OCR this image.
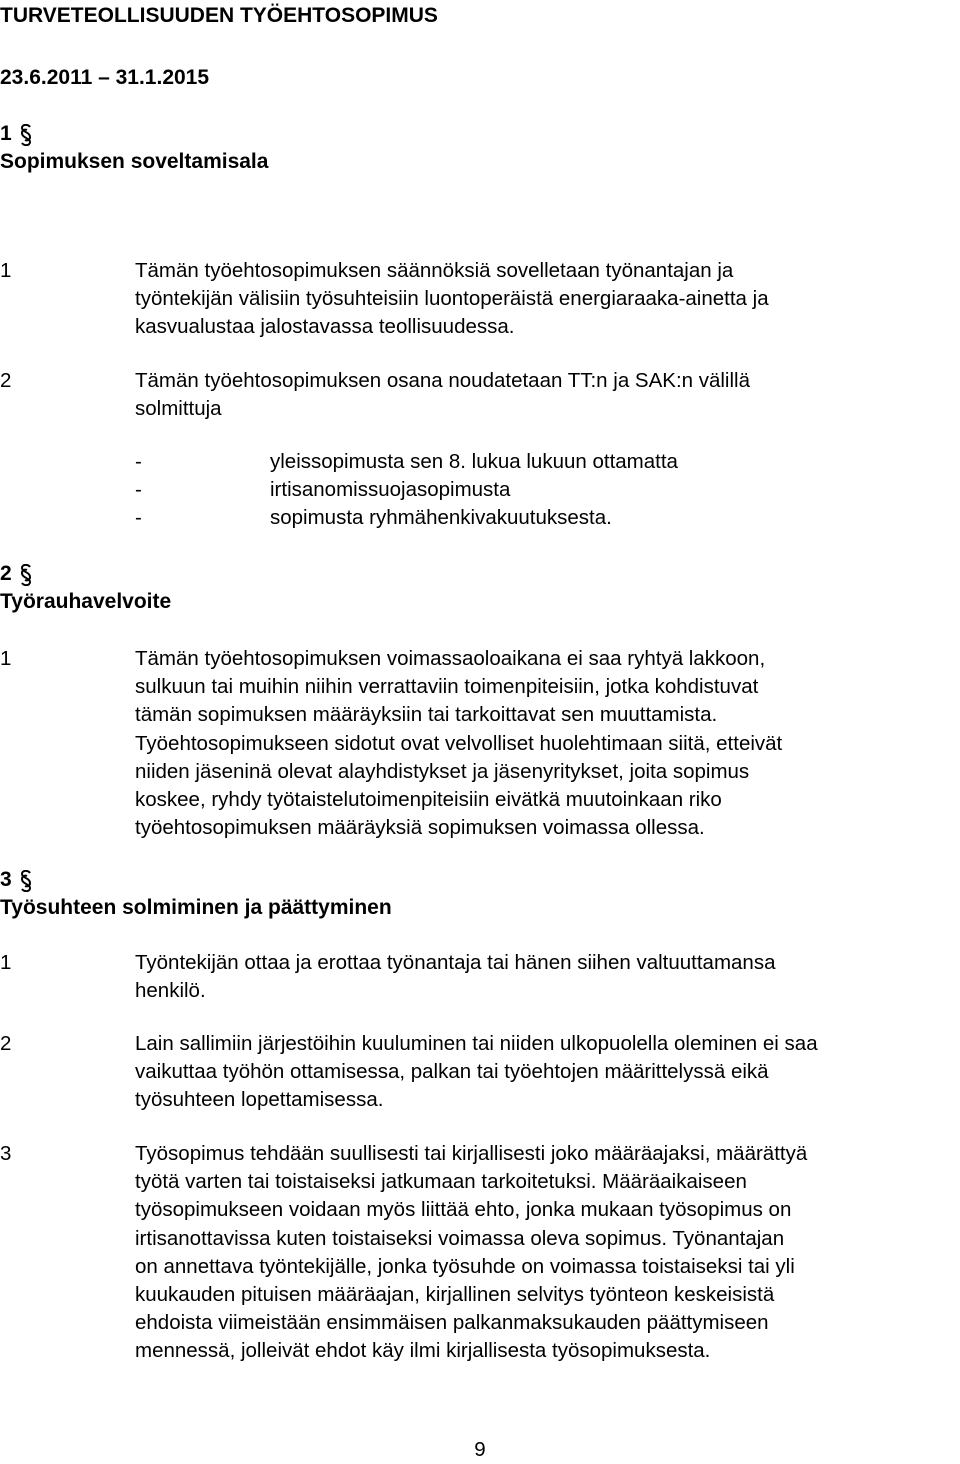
TURVETEOLLISUUDEN TYÖEHTOSOPIMUS
23.6.2011 – 31.1.2015
1
Sopimuksen soveltamisala
1	Tämän työehtosopimuksen säännöksiä sovelletaan työnantajan ja
työntekijän välisiin työsuhteisiin luontoperäistä energiaraaka-ainetta ja
kasvualustaa jalostavassa teollisuudessa.
2	Tämän työehtosopimuksen osana noudatetaan TT:n ja SAK:n välillä
solmittuja
-	yleissopimusta sen 8. lukua lukuun ottamatta
-	irtisanomissuojasopimusta
-	sopimusta ryhmähenkivakuutuksesta.
2
Työrauhavelvoite
1	Tämän työehtosopimuksen voimassaoloaikana ei saa ryhtyä lakkoon,
sulkuun tai muihin niihin verrattaviin toimenpiteisiin, jotka kohdistuvat
tämän sopimuksen määräyksiin tai tarkoittavat sen muuttamista.
Työehtosopimukseen sidotut ovat velvolliset huolehtimaan siitä, etteivät
niiden jäseninä olevat alayhdistykset ja jäsenyritykset, joita sopimus
koskee, ryhdy työtaistelutoimenpiteisiin eivätkä muutoinkaan riko
työehtosopimuksen määräyksiä sopimuksen voimassa ollessa.
3
Työsuhteen solmiminen ja päättyminen
1	Työntekijän ottaa ja erottaa työnantaja tai hänen siihen valtuuttamansa
henkilö.
2	Lain sallimiin järjestöihin kuuluminen tai niiden ulkopuolella oleminen ei saa
vaikuttaa työhön ottamisessa, palkan tai työehtojen määrittelyssä eikä
työsuhteen lopettamisessa.
3	Työsopimus tehdään suullisesti tai kirjallisesti joko määräajaksi, määrättyä
työtä varten tai toistaiseksi jatkumaan tarkoitetuksi. Määräaikaiseen
työsopimukseen voidaan myös liittää ehto, jonka mukaan työsopimus on
irtisanottavissa kuten toistaiseksi voimassa oleva sopimus. Työnantajan
on annettava työntekijälle, jonka työsuhde on voimassa toistaiseksi tai yli
kuukauden pituisen määräajan, kirjallinen selvitys työnteon keskeisistä
ehdoista viimeistään ensimmäisen palkanmaksukauden päättymiseen
mennessä, jolleivät ehdot käy ilmi kirjallisesta työsopimuksesta.
9
